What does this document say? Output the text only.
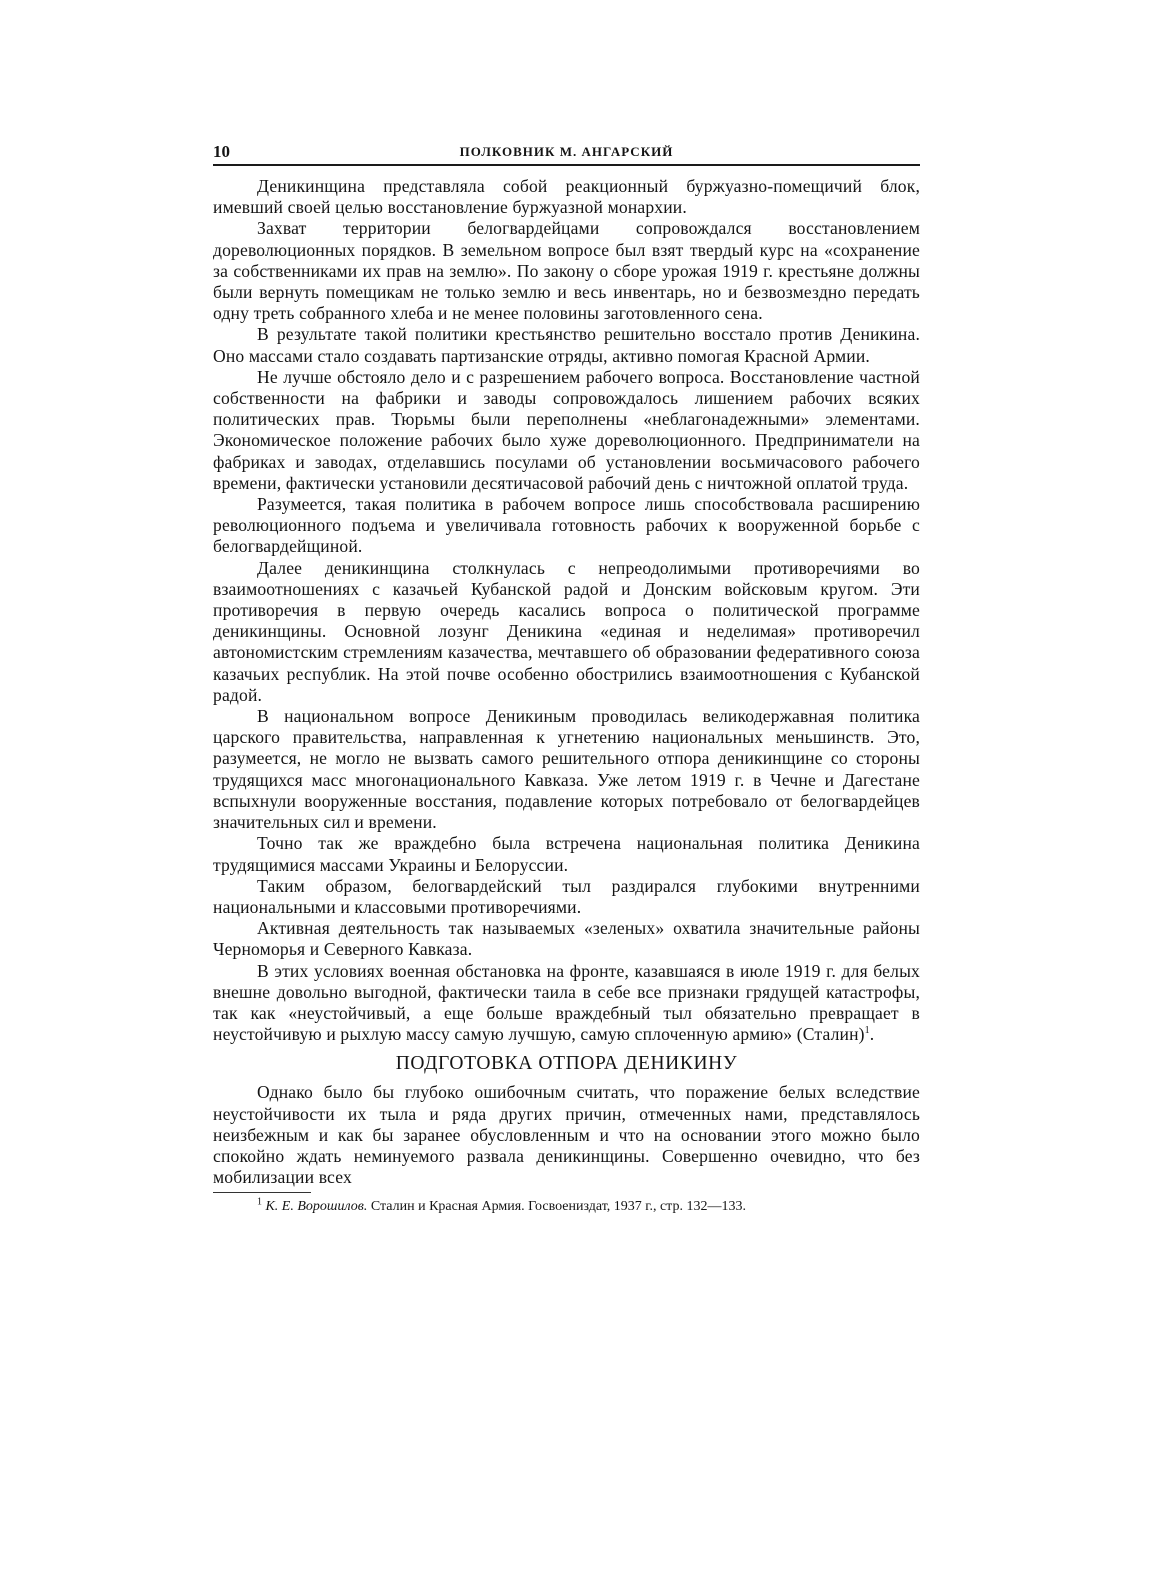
10	ПОЛКОВНИК М. АНГАРСКИЙ

Деникинщина представляла собой реакционный буржуазно-помещичий блок, имевший своей целью восстановление буржуазной монархии.

Захват территории белогвардейцами сопровождался восстановлением дореволюционных порядков. В земельном вопросе был взят твердый курс на «сохранение за собственниками их прав на землю». По закону о сборе урожая 1919 г. крестьяне должны были вернуть помещикам не только землю и весь инвентарь, но и безвозмездно передать одну треть собранного хлеба и не менее половины заготовленного сена.

В результате такой политики крестьянство решительно восстало против Деникина. Оно массами стало создавать партизанские отряды, активно помогая Красной Армии.

Не лучше обстояло дело и с разрешением рабочего вопроса. Восстановление частной собственности на фабрики и заводы сопровождалось лишением рабочих всяких политических прав. Тюрьмы были переполнены «неблагонадежными» элементами. Экономическое положение рабочих было хуже дореволюционного. Предприниматели на фабриках и заводах, отделавшись посулами об установлении восьмичасового рабочего времени, фактически установили десятичасовой рабочий день с ничтожной оплатой труда.

Разумеется, такая политика в рабочем вопросе лишь способствовала расширению революционного подъема и увеличивала готовность рабочих к вооруженной борьбе с белогвардейщиной.

Далее деникинщина столкнулась с непреодолимыми противоречиями во взаимоотношениях с казачьей Кубанской радой и Донским войсковым кругом. Эти противоречия в первую очередь касались вопроса о политической программе деникинщины. Основной лозунг Деникина «единая и неделимая» противоречил автономистским стремлениям казачества, мечтавшего об образовании федеративного союза казачьих республик. На этой почве особенно обострились взаимоотношения с Кубанской радой.

В национальном вопросе Деникиным проводилась великодержавная политика царского правительства, направленная к угнетению национальных меньшинств. Это, разумеется, не могло не вызвать самого решительного отпора деникинщине со стороны трудящихся масс многонационального Кавказа. Уже летом 1919 г. в Чечне и Дагестане вспыхнули вооруженные восстания, подавление которых потребовало от белогвардейцев значительных сил и времени.

Точно так же враждебно была встречена национальная политика Деникина трудящимися массами Украины и Белоруссии.

Таким образом, белогвардейский тыл раздирался глубокими внутренними национальными и классовыми противоречиями.

Активная деятельность так называемых «зеленых» охватила значительные районы Черноморья и Северного Кавказа.

В этих условиях военная обстановка на фронте, казавшаяся в июле 1919 г. для белых внешне довольно выгодной, фактически таила в себе все признаки грядущей катастрофы, так как «неустойчивый, а еще больше враждебный тыл обязательно превращает в неустойчивую и рыхлую массу самую лучшую, самую сплоченную армию» (Сталин)$^1$.

ПОДГОТОВКА ОТПОРА ДЕНИКИНУ

Однако было бы глубоко ошибочным считать, что поражение белых вследствие неустойчивости их тыла и ряда других причин, отмеченных нами, представлялось неизбежным и как бы заранее обусловленным и что на основании этого можно было спокойно ждать неминуемого развала деникинщины. Совершенно очевидно, что без мобилизации всех

$^1$ К. Е. Ворошилов. Сталин и Красная Армия. Госвоениздат, 1937 г., стр. 132—133.
